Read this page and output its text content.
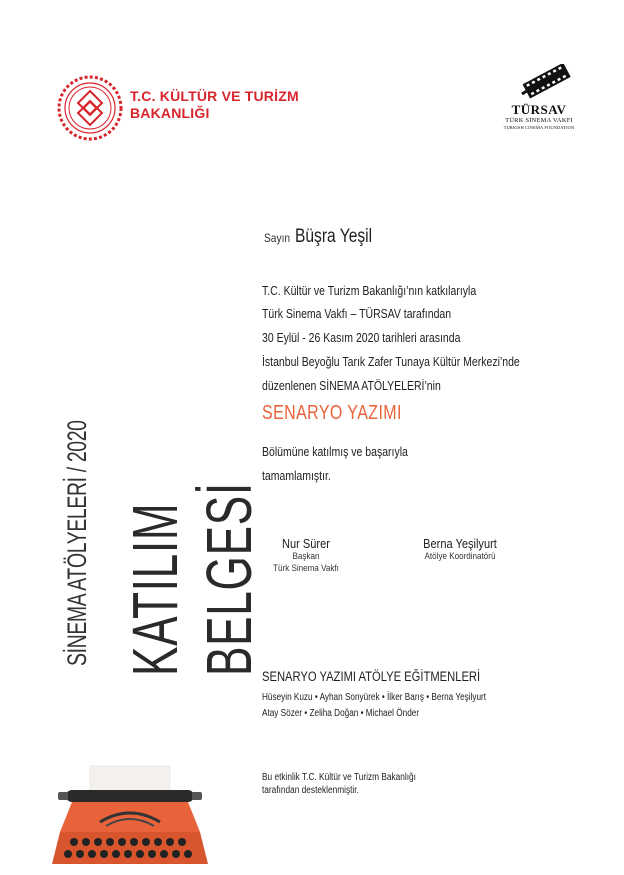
T.C. KÜLTÜR VE TURİZM
BAKANLIĞI	TÜRSAV
TÜRK SİNEMA VAKFI
TURKISH CINEMA FOUNDATION
SİNEMA ATÖLYELERİ / 2020 KATILIM BELGESİ
Sayın Büşra Yeşil
T.C. Kültür ve Turizm Bakanlığı’nın katkılarıyla
Türk Sinema Vakfı – TÜRSAV tarafından
30 Eylül - 26 Kasım 2020 tarihleri arasında
İstanbul Beyoğlu Tarık Zafer Tunaya Kültür Merkezi’nde
düzenlenen SİNEMA ATÖLYELERİ’nin
SENARYO YAZIMI
Bölümüne katılmış ve başarıyla
tamamlamıştır.
Nur Sürer
Başkan
Türk Sinema Vakfı
Berna Yeşilyurt
Atölye Koordinatörü
SENARYO YAZIMI ATÖLYE EĞİTMENLERİ
Hüseyin Kuzu • Ayhan Sonyürek • İlker Barış • Berna Yeşilyurt
Atay Sözer • Zeliha Doğan • Michael Önder
Bu etkinlik T.C. Kültür ve Turizm Bakanlığı
tarafından desteklenmiştir.
